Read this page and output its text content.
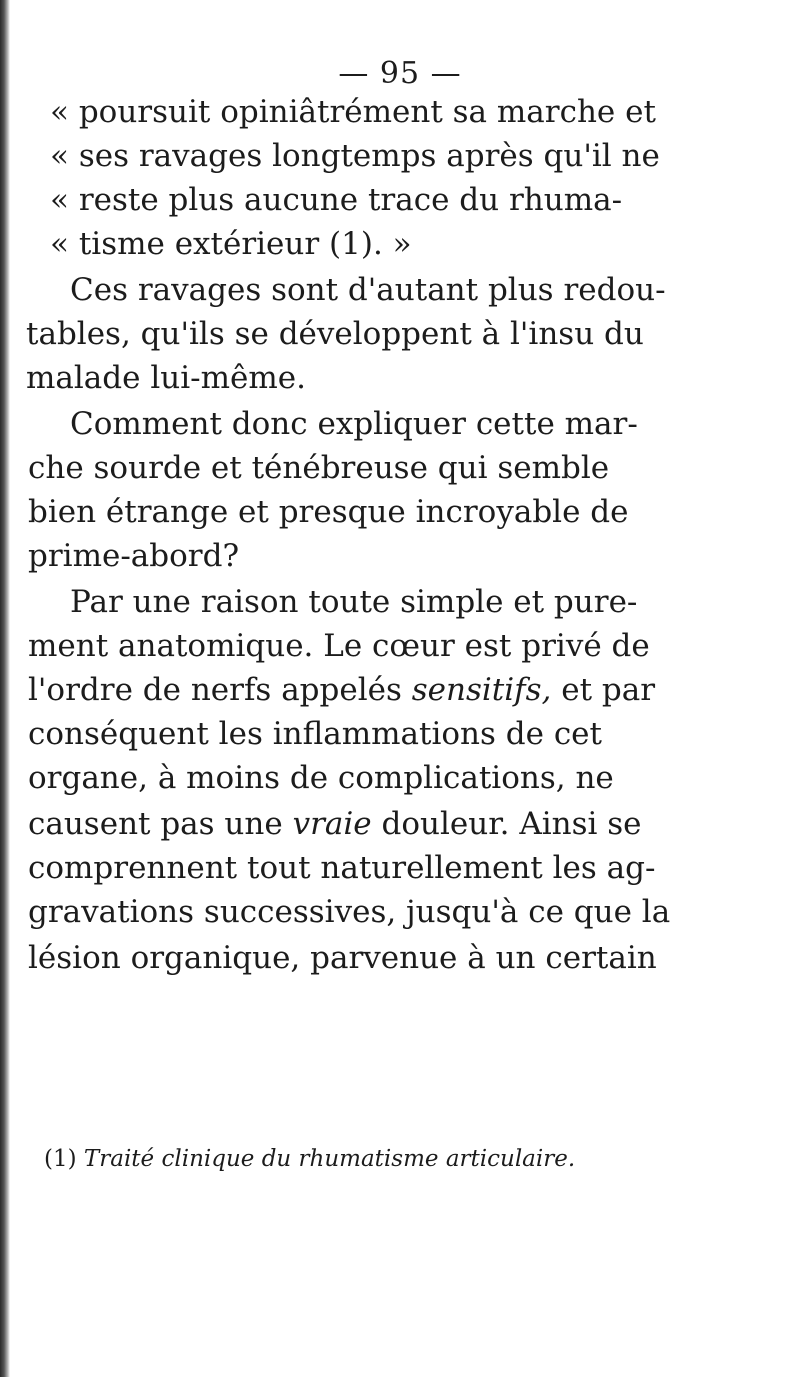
— 95 —
« poursuit opiniâtrément sa marche et
« ses ravages longtemps après qu'il ne
« reste plus aucune trace du rhuma-
« tisme extérieur (1). »
Ces ravages sont d'autant plus redou-
tables, qu'ils se développent à l'insu du
malade lui-même.
Comment donc expliquer cette mar-
che sourde et ténébreuse qui semble
bien étrange et presque incroyable de
prime-abord?
Par une raison toute simple et pure-
ment anatomique. Le cœur est privé de
l'ordre de nerfs appelés sensitifs, et par
conséquent les inflammations de cet
organe, à moins de complications, ne
causent pas une vraie douleur. Ainsi se
comprennent tout naturellement les ag-
gravations successives, jusqu'à ce que la
lésion organique, parvenue à un certain
(1) Traité clinique du rhumatisme articulaire.
